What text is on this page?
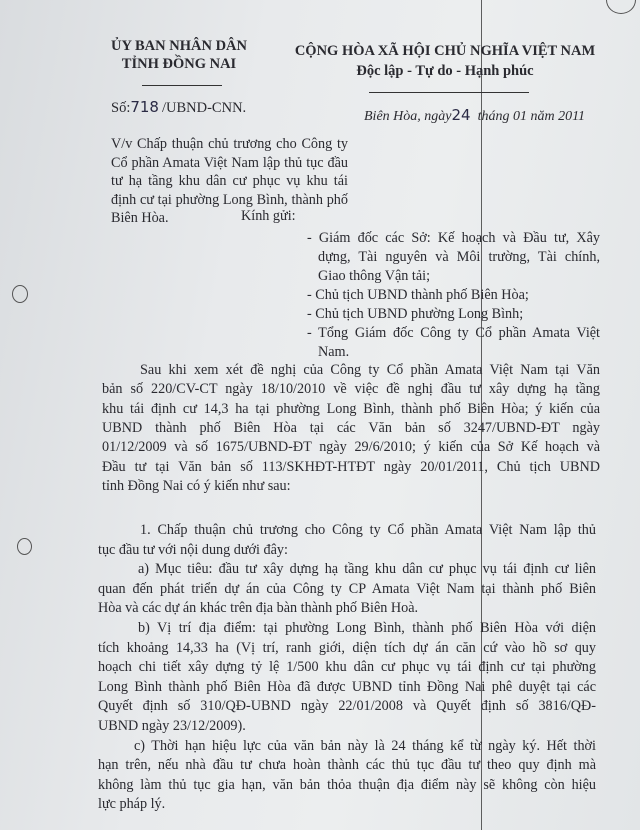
ỦY BAN NHÂN DÂN
TỈNH ĐỒNG NAI
Số:718 /UBND-CNN.
CỘNG HÒA XÃ HỘI CHỦ NGHĨA VIỆT NAM
Độc lập - Tự do - Hạnh phúc
Biên Hòa, ngày24 tháng 01 năm 2011
V/v Chấp thuận chủ trương cho Công ty
Cổ phần Amata Việt Nam lập thủ tục đầu
tư hạ tầng khu dân cư phục vụ khu tái
định cư tại phường Long Bình, thành phố
Biên Hòa.	Kính gửi:
- Giám đốc các Sở: Kế hoạch và Đầu tư, Xây
dựng, Tài nguyên và Môi trường, Tài chính,
Giao thông Vận tải;
- Chủ tịch UBND thành phố Biên Hòa;
- Chủ tịch UBND phường Long Bình;
- Tổng Giám đốc Công ty Cổ phần Amata Việt
Nam.
Sau khi xem xét đề nghị của Công ty Cổ phần Amata Việt Nam tại Văn
bản số 220/CV-CT ngày 18/10/2010 về việc đề nghị đầu tư xây dựng hạ tầng
khu tái định cư 14,3 ha tại phường Long Bình, thành phố Biên Hòa; ý kiến của
UBND thành phố Biên Hòa tại các Văn bản số 3247/UBND-ĐT ngày
01/12/2009 và số 1675/UBND-ĐT ngày 29/6/2010; ý kiến của Sở Kế hoạch và
Đầu tư tại Văn bản số 113/SKHĐT-HTĐT ngày 20/01/2011, Chủ tịch UBND
tỉnh Đồng Nai có ý kiến như sau:
1. Chấp thuận chủ trương cho Công ty Cổ phần Amata Việt Nam lập thủ
tục đầu tư với nội dung dưới đây:
a) Mục tiêu: đầu tư xây dựng hạ tầng khu dân cư phục vụ tái định cư liên
quan đến phát triển dự án của Công ty CP Amata Việt Nam tại thành phố Biên
Hòa và các dự án khác trên địa bàn thành phố Biên Hoà.
b) Vị trí địa điểm: tại phường Long Bình, thành phố Biên Hòa với diện
tích khoảng 14,33 ha (Vị trí, ranh giới, diện tích dự án căn cứ vào hồ sơ quy
hoạch chi tiết xây dựng tỷ lệ 1/500 khu dân cư phục vụ tái định cư tại phường
Long Bình thành phố Biên Hòa đã được UBND tỉnh Đồng Nai phê duyệt tại các
Quyết định số 310/QĐ-UBND ngày 22/01/2008 và Quyết định số 3816/QĐ-
UBND ngày 23/12/2009).
c) Thời hạn hiệu lực của văn bản này là 24 tháng kể từ ngày ký. Hết thời
hạn trên, nếu nhà đầu tư chưa hoàn thành các thủ tục đầu tư theo quy định mà
không làm thủ tục gia hạn, văn bản thỏa thuận địa điểm này sẽ không còn hiệu
lực pháp lý.
